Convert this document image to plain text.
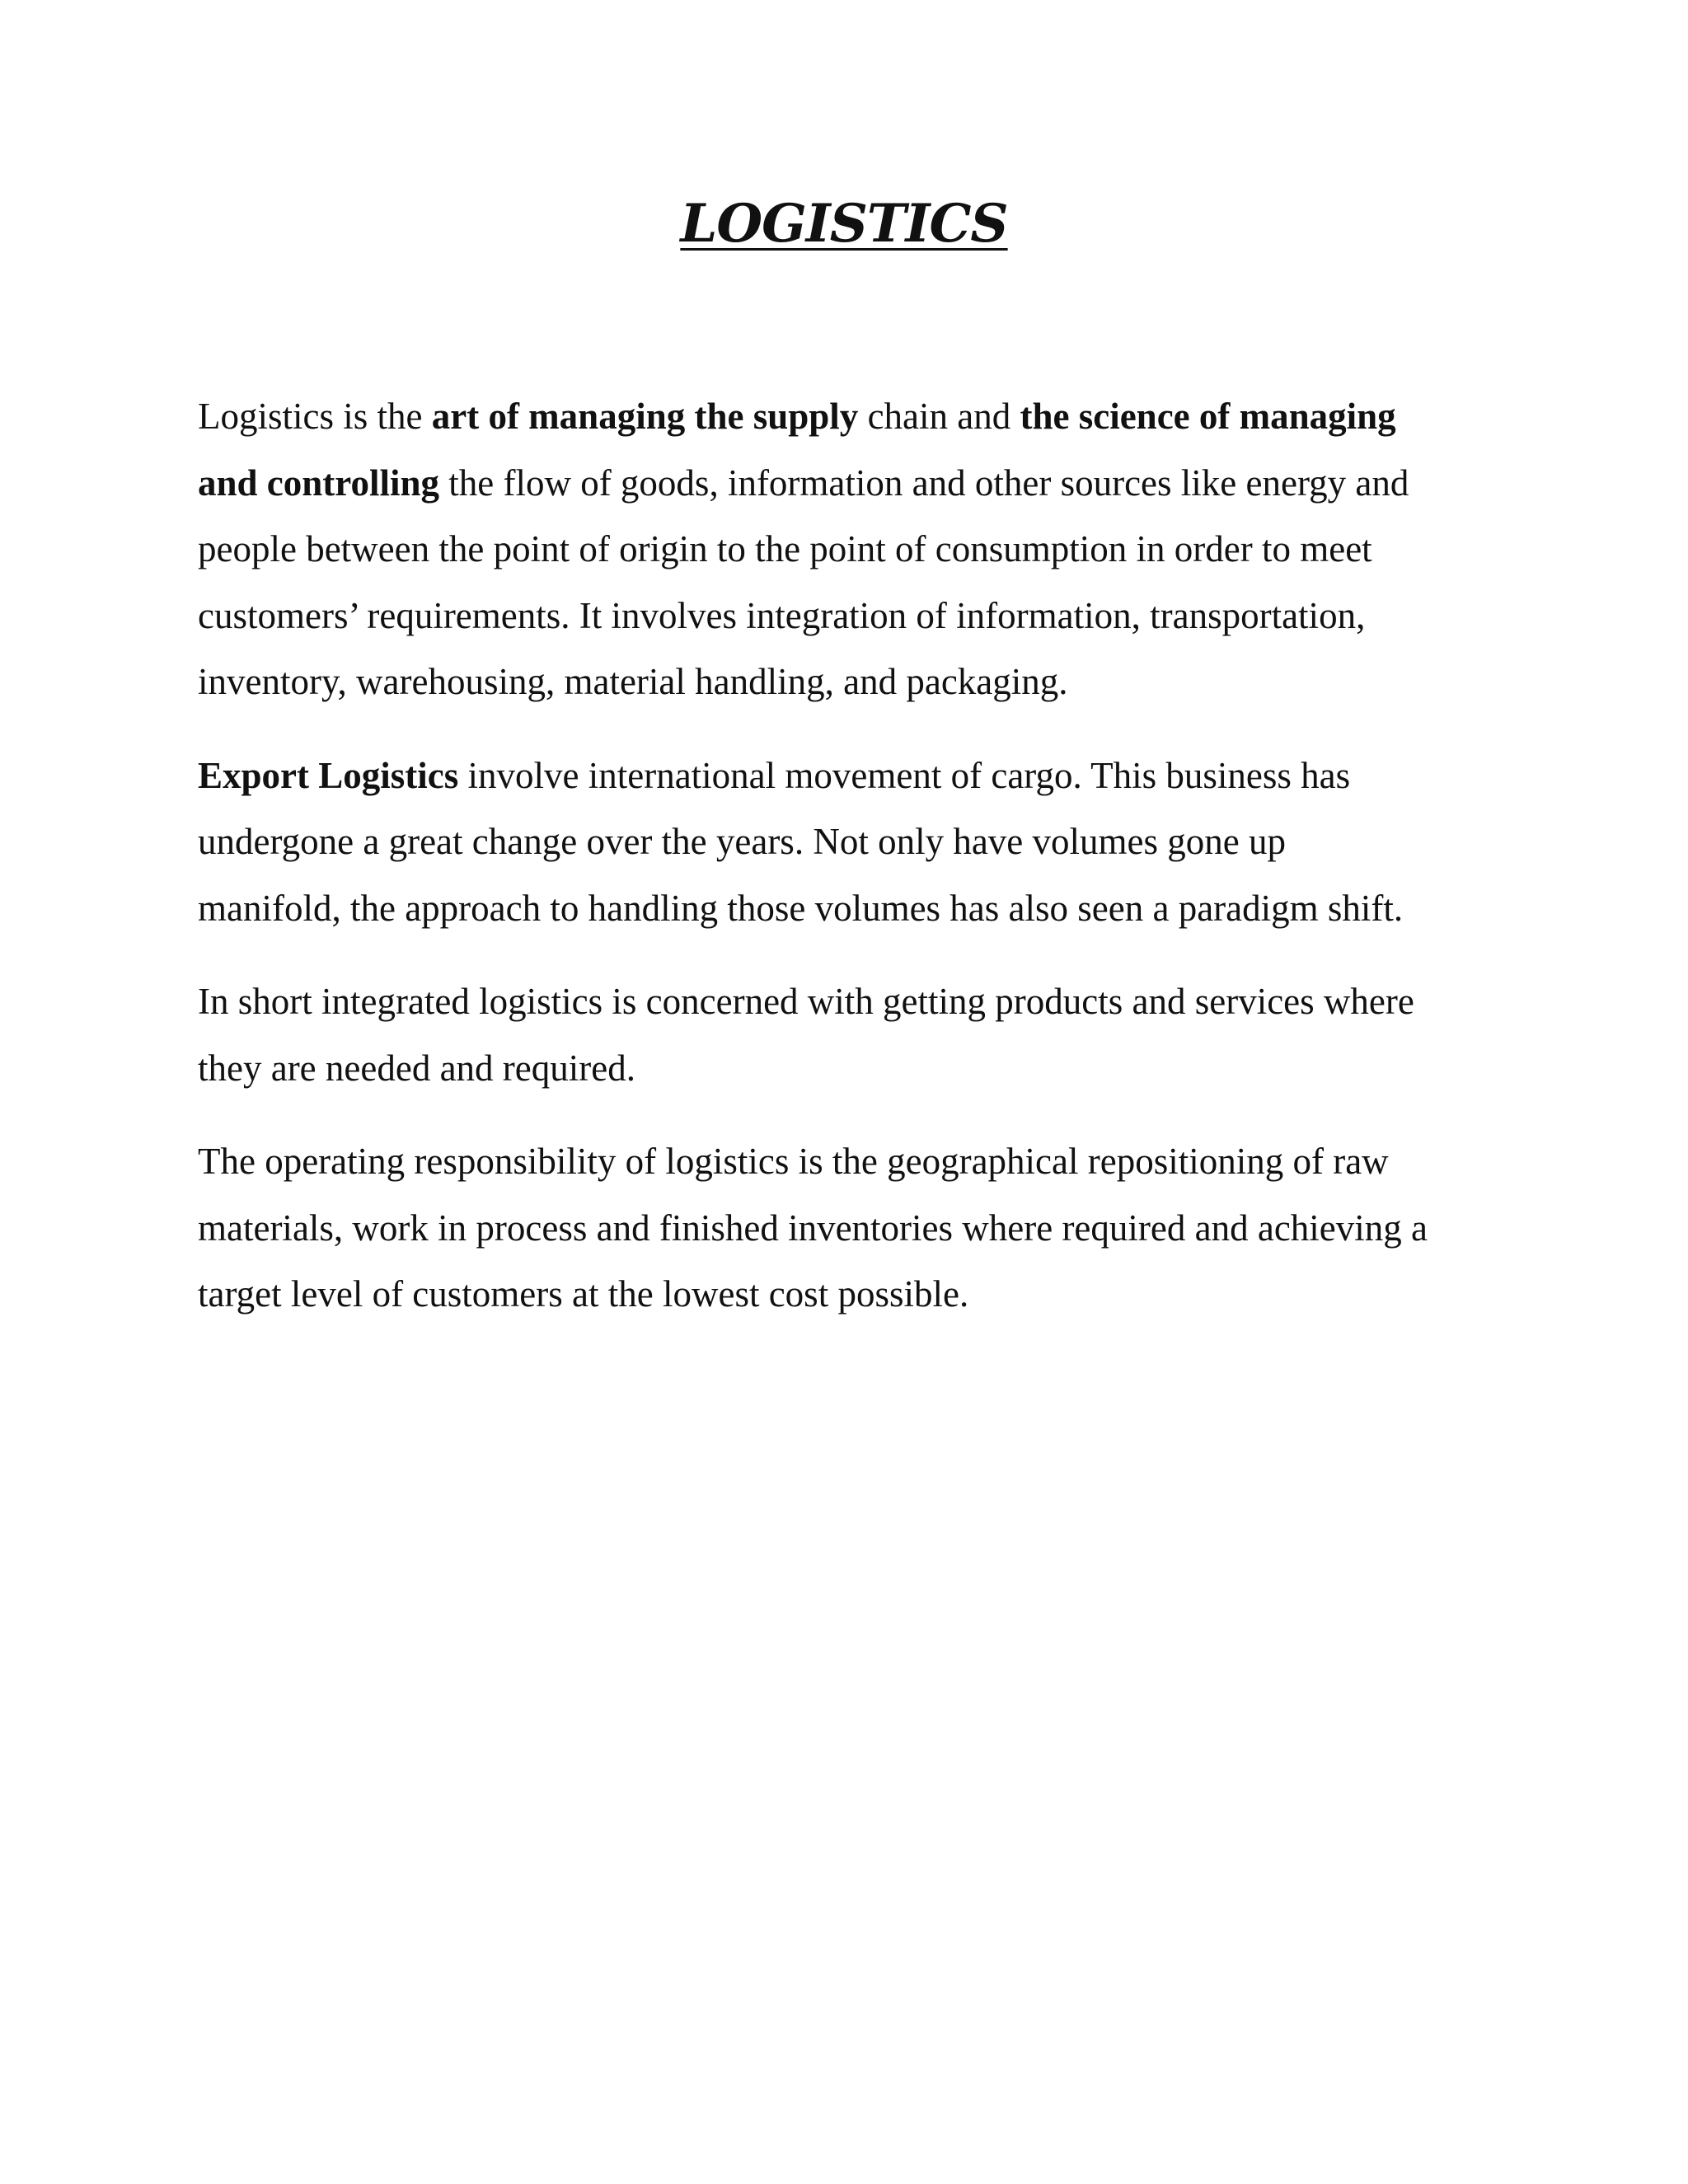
LOGISTICS

Logistics is the art of managing the supply chain and the science of managing
and controlling the flow of goods, information and other sources like energy and
people between the point of origin to the point of consumption in order to meet
customers’ requirements. It involves integration of information, transportation,
inventory, warehousing, material handling, and packaging.

Export Logistics involve international movement of cargo. This business has
undergone a great change over the years. Not only have volumes gone up
manifold, the approach to handling those volumes has also seen a paradigm shift.

In short integrated logistics is concerned with getting products and services where
they are needed and required.

The operating responsibility of logistics is the geographical repositioning of raw
materials, work in process and finished inventories where required and achieving a
target level of customers at the lowest cost possible.
